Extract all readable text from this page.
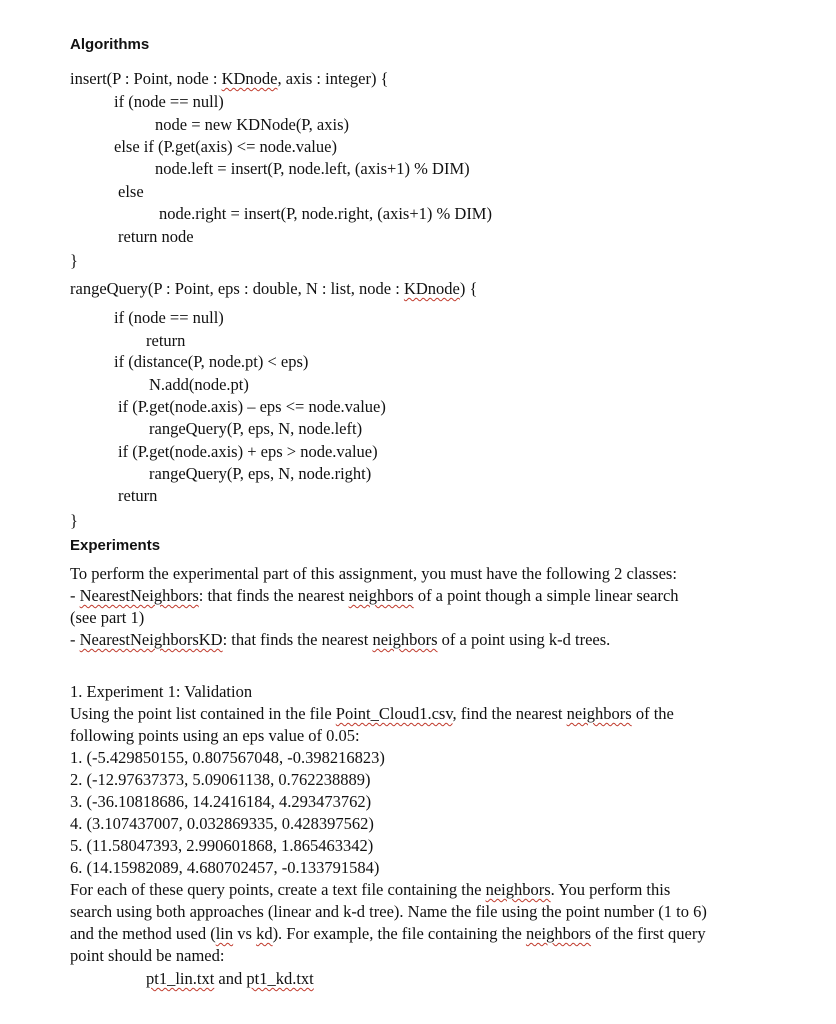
Algorithms
insert(P : Point, node : KDnode, axis : integer) {
if (node == null)
node = new KDNode(P, axis)
else if (P.get(axis) <= node.value)
node.left = insert(P, node.left, (axis+1) % DIM)
else
node.right = insert(P, node.right, (axis+1) % DIM)
return node
}
rangeQuery(P : Point, eps : double, N : list, node : KDnode) {
if (node == null)
return
if (distance(P, node.pt) < eps)
N.add(node.pt)
if (P.get(node.axis) – eps <= node.value)
rangeQuery(P, eps, N, node.left)
if (P.get(node.axis) + eps > node.value)
rangeQuery(P, eps, N, node.right)
return
}
Experiments
To perform the experimental part of this assignment, you must have the following 2 classes:
- NearestNeighbors: that finds the nearest neighbors of a point though a simple linear search
(see part 1)
- NearestNeighborsKD: that finds the nearest neighbors of a point using k-d trees.
1. Experiment 1: Validation
Using the point list contained in the file Point_Cloud1.csv, find the nearest neighbors of the
following points using an eps value of 0.05:
1. (-5.429850155, 0.807567048, -0.398216823)
2. (-12.97637373, 5.09061138, 0.762238889)
3. (-36.10818686, 14.2416184, 4.293473762)
4. (3.107437007, 0.032869335, 0.428397562)
5. (11.58047393, 2.990601868, 1.865463342)
6. (14.15982089, 4.680702457, -0.133791584)
For each of these query points, create a text file containing the neighbors. You perform this
search using both approaches (linear and k-d tree). Name the file using the point number (1 to 6)
and the method used (lin vs kd). For example, the file containing the neighbors of the first query
point should be named:
pt1_lin.txt and pt1_kd.txt
